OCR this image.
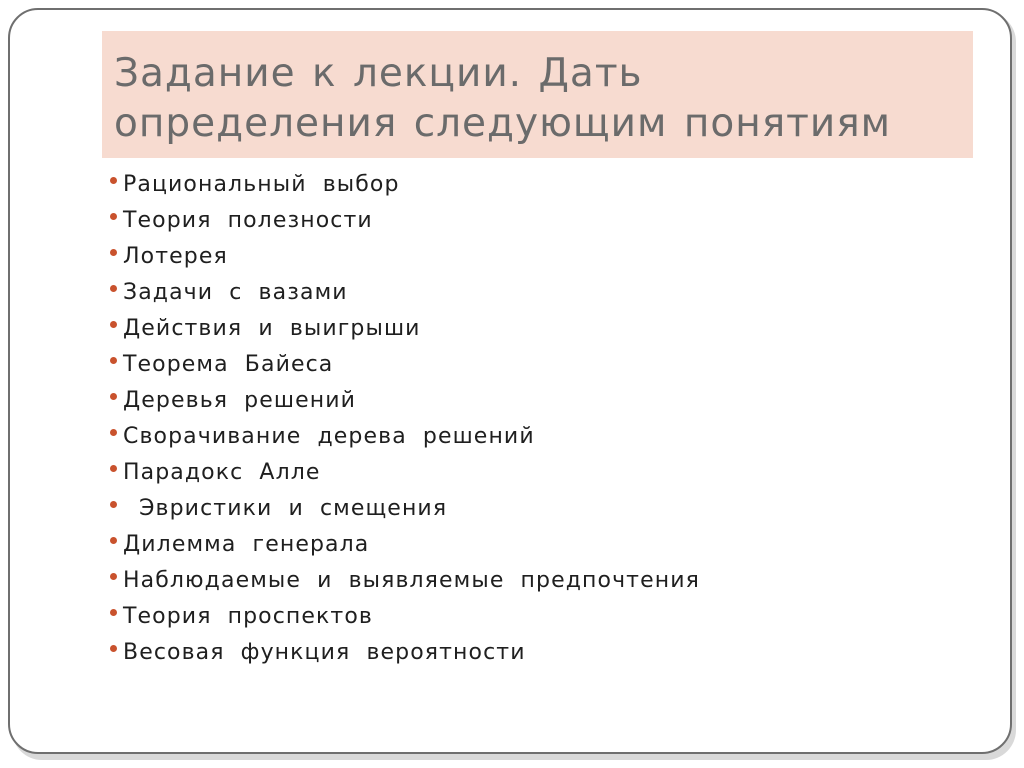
Задание к лекции. Дать
определения следующим понятиям
Рациональный выбор
Теория полезности
Лотерея
Задачи с вазами
Действия и выигрыши
Теорема Байеса
Деревья решений
Сворачивание дерева решений
Парадокс Алле
Эвристики и смещения
Дилемма генерала
Наблюдаемые и выявляемые предпочтения
Теория проспектов
Весовая функция вероятности
